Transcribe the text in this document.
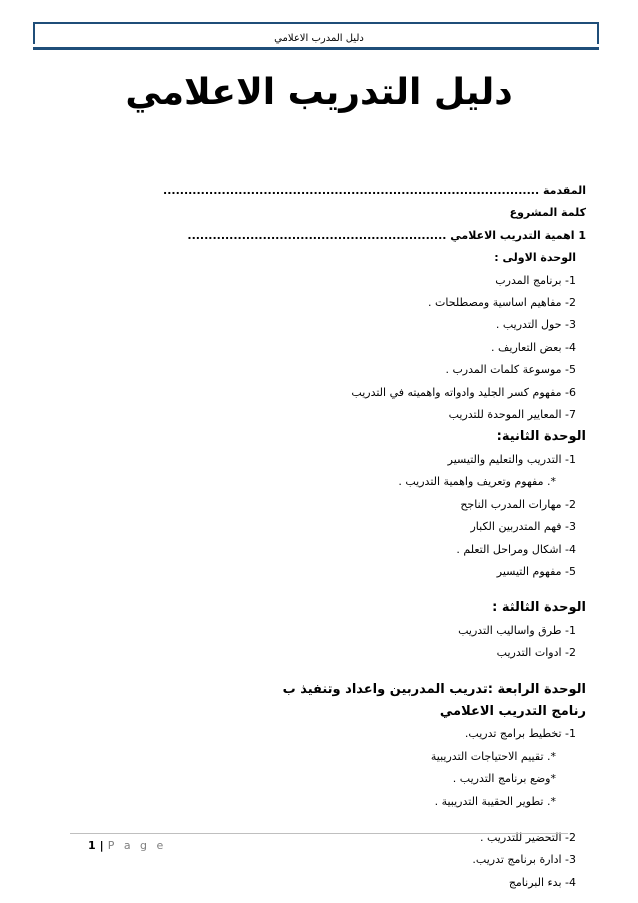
دليل المدرب الاعلامي
دليل التدريب الاعلامي
المقدمة ..........................................................................................
كلمة المشروع
1 اهمية التدريب الاعلامي ..............................................................
الوحدة الاولى :
1- برنامج المدرب
2- مفاهيم اساسية ومصطلحات .
3- حول التدريب .
4- بعض التعاريف .
5- موسوعة كلمات المدرب .
6- مفهوم كسر الجليد وادواته واهميته في التدريب
7- المعايير الموحدة للتدريب
الوحدة الثانية:
1- التدريب والتعليم والتيسير
*. مفهوم وتعريف واهمية التدريب .
2- مهارات المدرب الناجح
3- فهم المتدربين الكبار
4- اشكال ومراحل التعلم .
5- مفهوم التيسير
الوحدة الثالثة :
1- طرق واساليب التدريب
2- ادوات التدريب
الوحدة الرابعة :تدريب المدربين واعداد وتنفيذ ب
رنامج التدريب الاعلامي
1- تخطيط برامج تدريب.
*. تقييم الاحتياجات التدريبية
*وضع برنامج التدريب .
*. تطوير الحقيبة التدريبية .
2- التحضير للتدريب .
3- ادارة برنامج تدريب.
4- بدء البرنامج
1 | P a g e
